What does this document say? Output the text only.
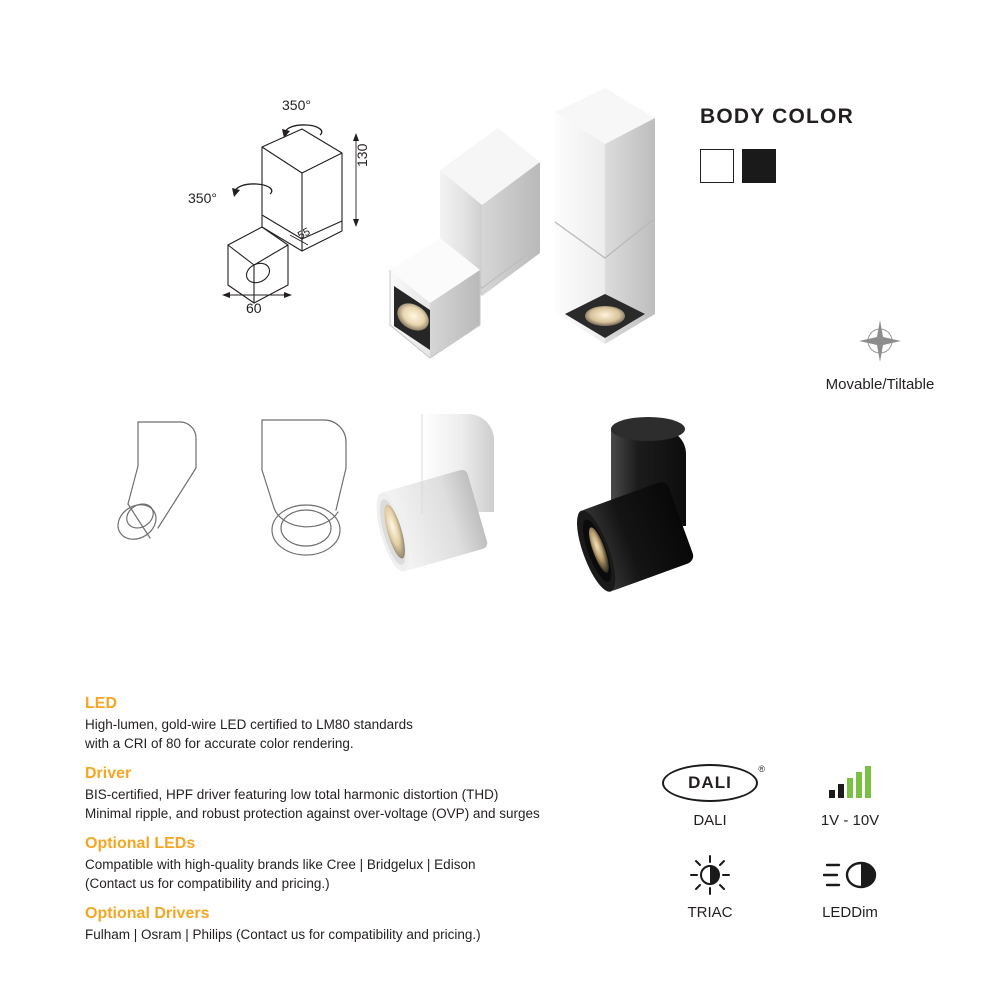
350°
350°
130
55
60
BODY COLOR
Movable/Tiltable
LED

High-lumen, gold-wire LED certified to LM80 standards

with a CRI of 80 for accurate color rendering.

Driver

BIS-certified, HPF driver featuring low total harmonic distortion (THD)

Minimal ripple, and robust protection against over-voltage (OVP) and surges

Optional LEDs

Compatible with high-quality brands like Cree | Bridgelux | Edison

(Contact us for compatibility and pricing.)

Optional Drivers

Fulham | Osram | Philips (Contact us for compatibility and pricing.)

DALI
®
DALI	1V - 10V
TRIAC	LEDDim
